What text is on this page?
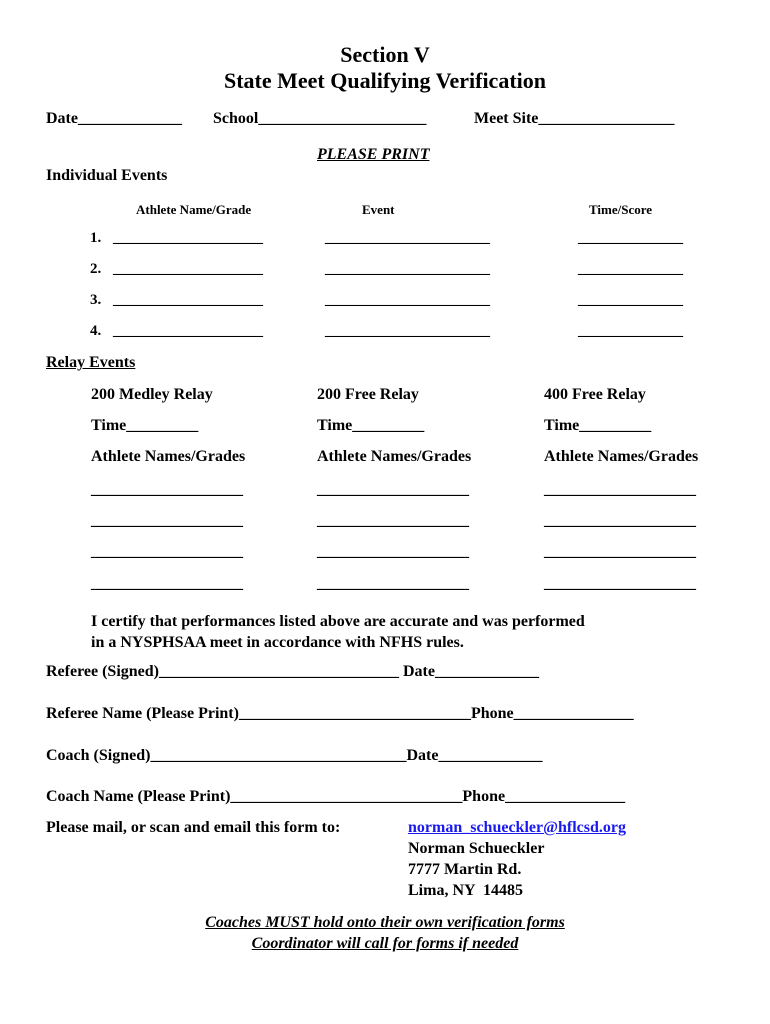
Section V
State Meet Qualifying Verification
Date_____________ School_____________________	Meet Site_________________
PLEASE PRINT
Individual Events
Athlete Name/Grade	Event	Time/Score
1. ____________________	______________________	______________
2. ____________________	______________________	______________
3. ____________________	______________________	______________
4. ____________________	______________________	______________
Relay Events
200 Medley Relay
Time_________
Athlete Names/Grades
___________________
___________________
___________________
___________________
200 Free Relay
Time_________
Athlete Names/Grades
___________________
___________________
___________________
___________________
400 Free Relay
Time_________
Athlete Names/Grades
___________________
___________________
___________________
___________________
I certify that performances listed above are accurate and was performed
in a NYSPHSAA meet in accordance with NFHS rules.
Referee (Signed)______________________________ Date_____________
Referee Name (Please Print)_____________________________Phone_______________
Coach (Signed)________________________________Date_____________
Coach Name (Please Print)_____________________________Phone_______________
Please mail, or scan and email this form to:	norman_schueckler@hflcsd.org
Norman Schueckler
7777 Martin Rd.
Lima, NY  14485
Coaches MUST hold onto their own verification forms
Coordinator will call for forms if needed
